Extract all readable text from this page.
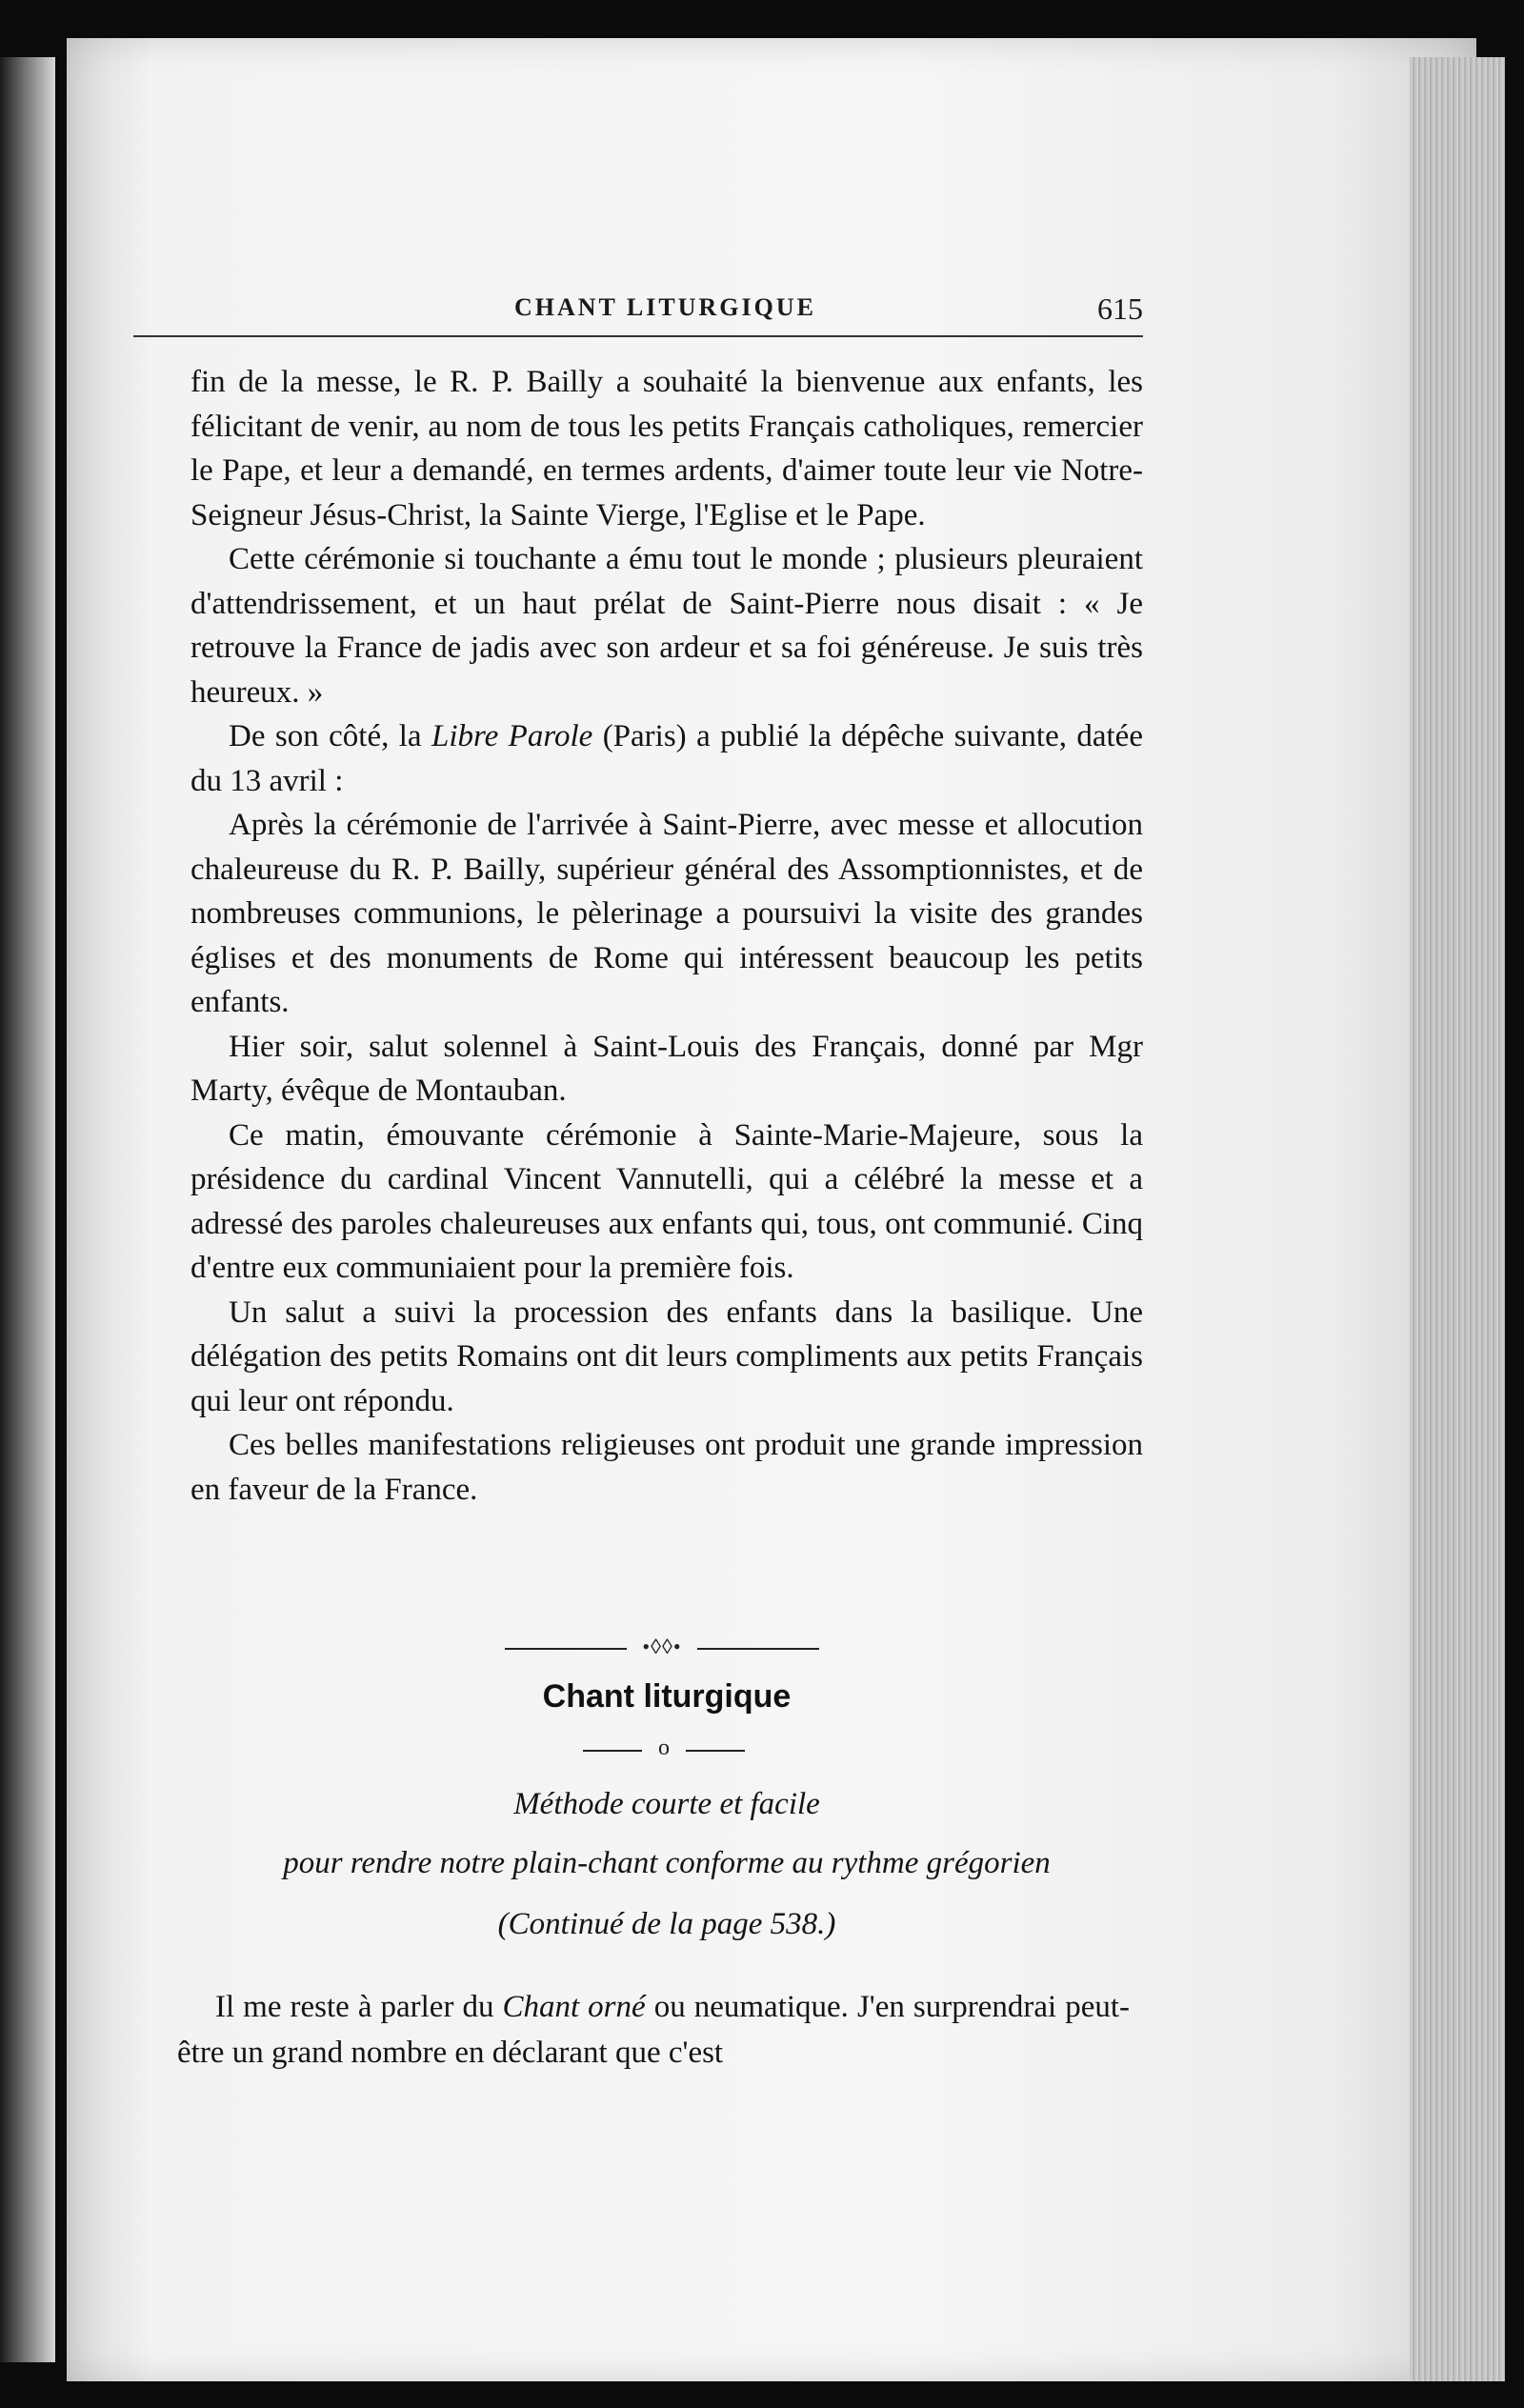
CHANT LITURGIQUE	615

fin de la messe, le R. P. Bailly a souhaité la bienvenue aux enfants, les félicitant de venir, au nom de tous les petits Français catholiques, remercier le Pape, et leur a demandé, en termes ardents, d'aimer toute leur vie Notre-Seigneur Jésus-Christ, la Sainte Vierge, l'Eglise et le Pape.

Cette cérémonie si touchante a ému tout le monde ; plusieurs pleuraient d'attendrissement, et un haut prélat de Saint-Pierre nous disait : « Je retrouve la France de jadis avec son ardeur et sa foi généreuse. Je suis très heureux. »

De son côté, la Libre Parole (Paris) a publié la dépêche suivante, datée du 13 avril :

Après la cérémonie de l'arrivée à Saint-Pierre, avec messe et allocution chaleureuse du R. P. Bailly, supérieur général des Assomptionnistes, et de nombreuses communions, le pèlerinage a poursuivi la visite des grandes églises et des monuments de Rome qui intéressent beaucoup les petits enfants.

Hier soir, salut solennel à Saint-Louis des Français, donné par Mgr Marty, évêque de Montauban.

Ce matin, émouvante cérémonie à Sainte-Marie-Majeure, sous la présidence du cardinal Vincent Vannutelli, qui a célébré la messe et a adressé des paroles chaleureuses aux enfants qui, tous, ont communié. Cinq d'entre eux communiaient pour la première fois.

Un salut a suivi la procession des enfants dans la basilique. Une délégation des petits Romains ont dit leurs compliments aux petits Français qui leur ont répondu.

Ces belles manifestations religieuses ont produit une grande impression en faveur de la France.

•◊◊•
Chant liturgique
o
Méthode courte et facile
pour rendre notre plain-chant conforme au rythme grégorien
(Continué de la page 538.)

Il me reste à parler du Chant orné ou neumatique. J'en surprendrai peut-être un grand nombre en déclarant que c'est
